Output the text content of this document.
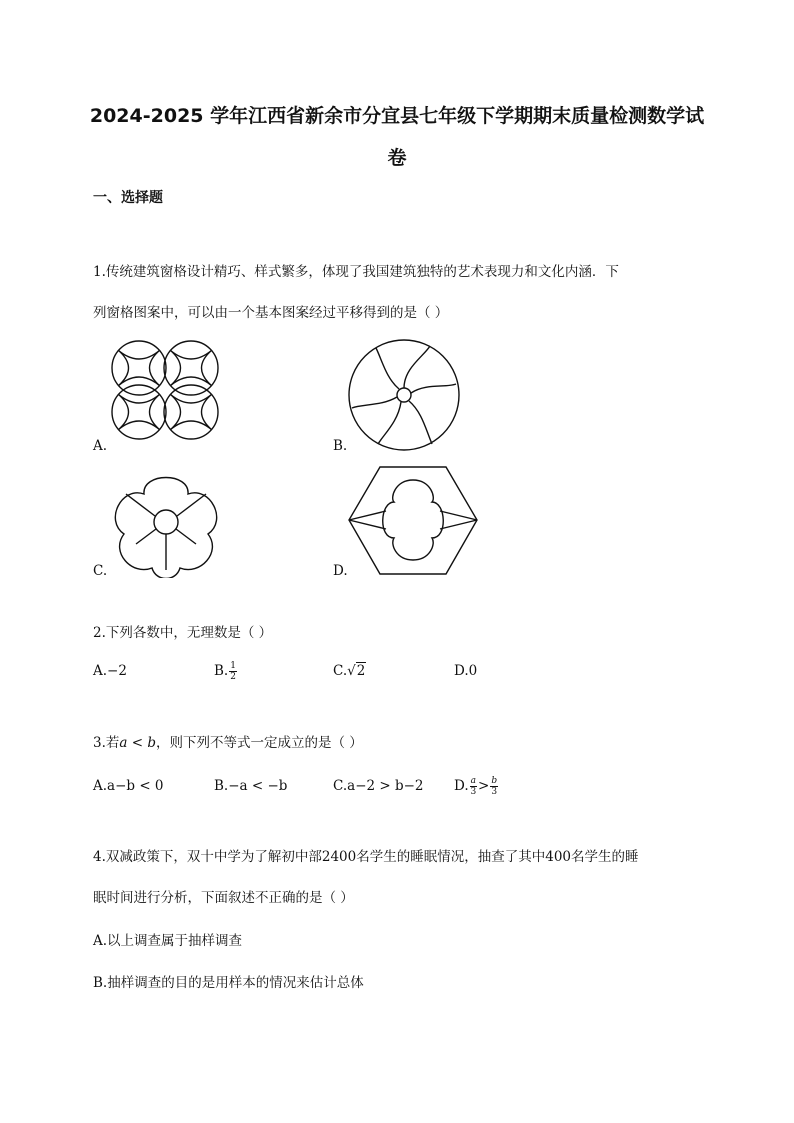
2024-2025 学年江西省新余市分宜县七年级下学期期末质量检测数学试
卷
一、选择题
1.传统建筑窗格设计精巧、样式繁多，体现了我国建筑独特的艺术表现力和文化内涵．下
列窗格图案中，可以由一个基本图案经过平移得到的是（ ）
A.	B.
C.	D.
2.下列各数中，无理数是（ ）
A.−2	B. $\frac{1}{2}$	C.√2	D.0
3.若a < b，则下列不等式一定成立的是（ ）
A.a−b < 0	B.−a < −b	C.a−2 > b−2 D. $\frac{a}{3} > \frac{b}{3}$
4.双减政策下，双十中学为了解初中部2400名学生的睡眠情况，抽查了其中400名学生的睡
眠时间进行分析，下面叙述不正确的是（ ）
A.以上调查属于抽样调查
B.抽样调查的目的是用样本的情况来估计总体
